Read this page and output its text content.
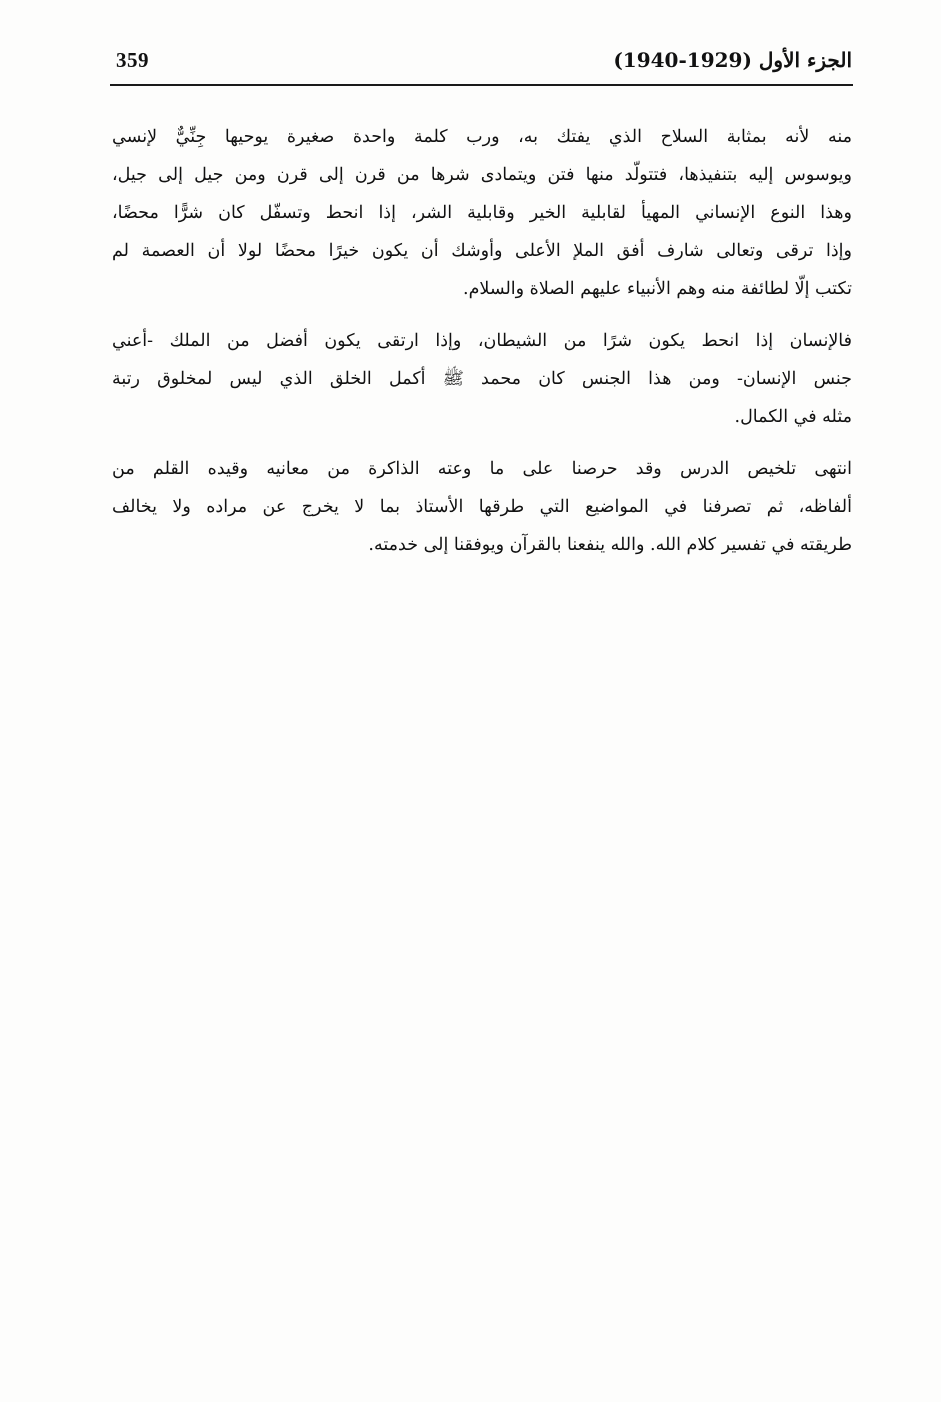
359	الجزء الأول (1929-1940)

منه لأنه بمثابة السلاح الذي يفتك به، ورب كلمة واحدة صغيرة يوحيها جِنِّيٌّ لإنسي
ويوسوس إليه بتنفيذها، فتتولّد منها فتن ويتمادى شرها من قرن إلى قرن ومن جيل إلى جيل،
وهذا النوع الإنساني المهيأ لقابلية الخير وقابلية الشر، إذا انحط وتسفّل كان شرًّا محضًا،
وإذا ترقى وتعالى شارف أفق الملإ الأعلى وأوشك أن يكون خيرًا محضًا لولا أن العصمة لم
تكتب إلّا لطائفة منه وهم الأنبياء عليهم الصلاة والسلام.

فالإنسان إذا انحط يكون شرًا من الشيطان، وإذا ارتقى يكون أفضل من الملك -أعني
جنس الإنسان- ومن هذا الجنس كان محمد ﷺ أكمل الخلق الذي ليس لمخلوق رتبة
مثله في الكمال.

انتهى تلخيص الدرس وقد حرصنا على ما وعته الذاكرة من معانيه وقيده القلم من
ألفاظه، ثم تصرفنا في المواضيع التي طرقها الأستاذ بما لا يخرج عن مراده ولا يخالف
طريقته في تفسير كلام الله. والله ينفعنا بالقرآن ويوفقنا إلى خدمته.
